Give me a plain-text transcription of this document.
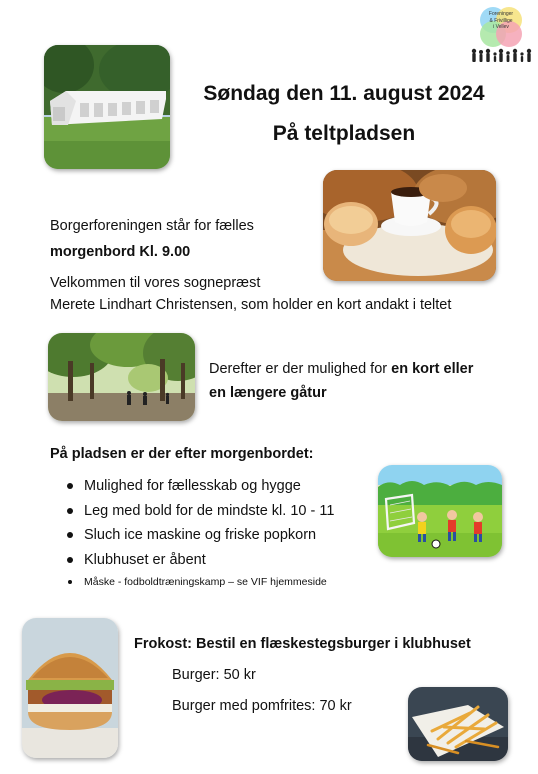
Foreninger
& Frivillige
i Vellev
Søndag den 11. august 2024
På teltpladsen
Borgerforeningen står for fælles
morgenbord Kl. 9.00
Velkommen til vores sognepræst
Merete Lindhart Christensen, som holder en kort andakt i teltet
Derefter er der mulighed for en kort eller
en længere gåtur
På pladsen er der efter morgenbordet:
Mulighed for fællesskab og hygge
Leg med bold for de mindste kl. 10 - 11
Sluch ice maskine og friske popkorn
Klubhuset er åbent
Måske - fodboldtræningskamp – se VIF hjemmeside
Frokost: Bestil en flæskestegsburger i klubhuset
Burger: 50 kr
Burger med pomfrites: 70 kr
